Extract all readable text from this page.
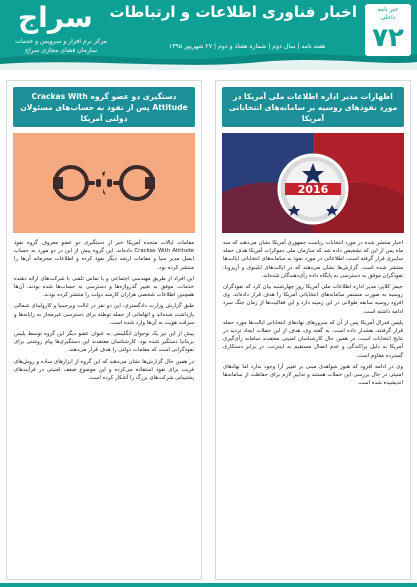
خبر نامه
داخلی
۷۲
اخبار فناوری اطلاعات و ارتباطات
هفته نامه | سال دوم | شماره هفتاد و دوم | ۲۷ شهریور ۱۳۹۵
سراج
مرکز نرم افزار و سرویس و خدمات
سازمان فضای مجازی سراج
اظهارات مدیر اداره اطلاعات ملی آمریکا در مورد نفوذهای روسیه بر سامانه‌های انتخاباتی آمریکا
2016

اخبار منتشر شده در مورد انتخابات ریاست جمهوری آمریکا نشان می‌دهند که سه ماه پس از این که تشخیص داده شد که سازمان ملی دموکرات آمریکا هدف حمله سایبری قرار گرفته است، اطلاعاتی در مورد نفوذ به سامانه‌های انتخاباتی ایالت‌ها منتشر شده است. گزارش‌ها نشان می‌دهند که در ایالت‌های ایلینوی و آریزونا، نفوذگران موفق به دسترسی به پایگاه داده رأی‌دهندگان شده‌اند.

جیمز کلاپر، مدیر اداره اطلاعات ملی آمریکا روز چهارشنبه بیان کرد که نفوذگران روسیه به صورت مستمر سامانه‌های انتخاباتی آمریکا را هدف قرار داده‌اند. وی افزود روسیه سابقه طولانی در این زمینه دارد و این فعالیت‌ها از زمان جنگ سرد ادامه داشته است.

پلیس فدرال آمریکا پس از آن که سرورهای نهادهای انتخاباتی ایالت‌ها مورد حمله قرار گرفتند، هشدار داده است. به گفته وی، هدف از این حملات ایجاد تردید در نتایج انتخابات است. در همین حال کارشناسان امنیتی معتقدند سامانه رأی‌گیری آمریکا به دلیل پراکندگی و عدم اتصال مستقیم به اینترنت، در برابر دستکاری گسترده مقاوم است.

وی در ادامه افزود که هنوز شواهدی مبنی بر تغییر آرا وجود ندارد اما نهادهای امنیتی در حال بررسی این حملات هستند و تدابیر لازم برای حفاظت از سامانه‌ها اندیشیده شده است.

دستگیری دو عضو گروه Crackas With Attitude پس از نفوذ به حساب‌های مسئولان دولتی آمریکا

مقامات ایالات متحده آمریکا خبر از دستگیری دو عضو معروف گروه نفوذ Crackas With Attitude داده‌اند. این گروه پیش از این در دو مورد به حساب ایمیل مدیر سیا و مقامات ارشد دیگر نفوذ کرده و اطلاعات محرمانه آن‌ها را منتشر کرده بود.

این افراد از طریق مهندسی اجتماعی و با تماس تلفنی با شرکت‌های ارائه دهنده خدمات، موفق به تغییر گذرواژه‌ها و دسترسی به حساب‌ها شده بودند. آن‌ها همچنین اطلاعات شخصی هزاران کارمند دولت را منتشر کرده بودند.

طبق گزارش وزارت دادگستری، این دو نفر در ایالت ویرجینیا و کارولینای شمالی بازداشت شده‌اند و اتهاماتی از جمله توطئه برای دسترسی غیرمجاز به رایانه‌ها و سرقت هویت به آن‌ها وارد شده است.

پیش از این نیز یک نوجوان انگلیسی به عنوان عضو دیگر این گروه توسط پلیس بریتانیا دستگیر شده بود. کارشناسان معتقدند این دستگیری‌ها پیام روشنی برای نفوذگرانی است که مقامات دولتی را هدف قرار می‌دهند.

در همین حال گزارش‌ها نشان می‌دهند که این گروه از ابزارهای ساده و روش‌های فریب برای نفوذ استفاده می‌کرده و این موضوع ضعف امنیتی در فرآیندهای پشتیبانی شرکت‌های بزرگ را آشکار کرده است.
